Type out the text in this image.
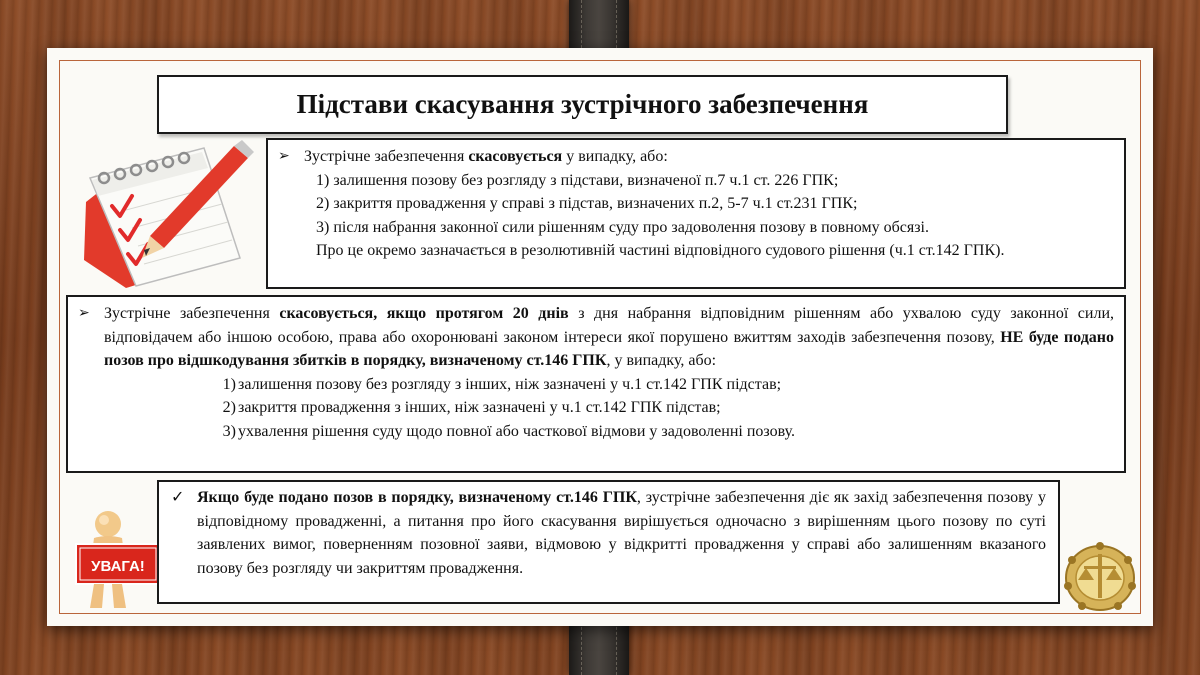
Підстави скасування зустрічного забезпечення
УВАГА!
➢ Зустрічне забезпечення скасовується у випадку, або:
1) залишення позову без розгляду з підстави, визначеної п.7 ч.1 ст. 226 ГПК;
2) закриття провадження у справі з підстав, визначених п.2, 5-7 ч.1 ст.231 ГПК;
3) після набрання законної сили рішенням суду про задоволення позову в повному обсязі.
Про це окремо зазначається в резолютивній частині відповідного судового рішення (ч.1 ст.142 ГПК).
➢ Зустрічне забезпечення скасовується, якщо протягом 20 днів з дня набрання відповідним рішенням або ухвалою суду законної сили, відповідачем або іншою особою, права або охоронювані законом інтереси якої порушено вжиттям заходів забезпечення позову, НЕ буде подано позов про відшкодування збитків в порядку, визначеному ст.146 ГПК, у випадку, або:
1) залишення позову без розгляду з інших, ніж зазначені у ч.1 ст.142 ГПК підстав;
2) закриття провадження з інших, ніж зазначені у ч.1 ст.142 ГПК підстав;
3) ухвалення рішення суду щодо повної або часткової відмови у задоволенні позову.
✓ Якщо буде подано позов в порядку, визначеному ст.146 ГПК, зустрічне забезпечення діє як захід забезпечення позову у відповідному провадженні, а питання про його скасування вирішується одночасно з вирішенням цього позову по суті заявлених вимог, поверненням позовної заяви, відмовою у відкритті провадження у справі або залишенням вказаного позову без розгляду чи закриттям провадження.
